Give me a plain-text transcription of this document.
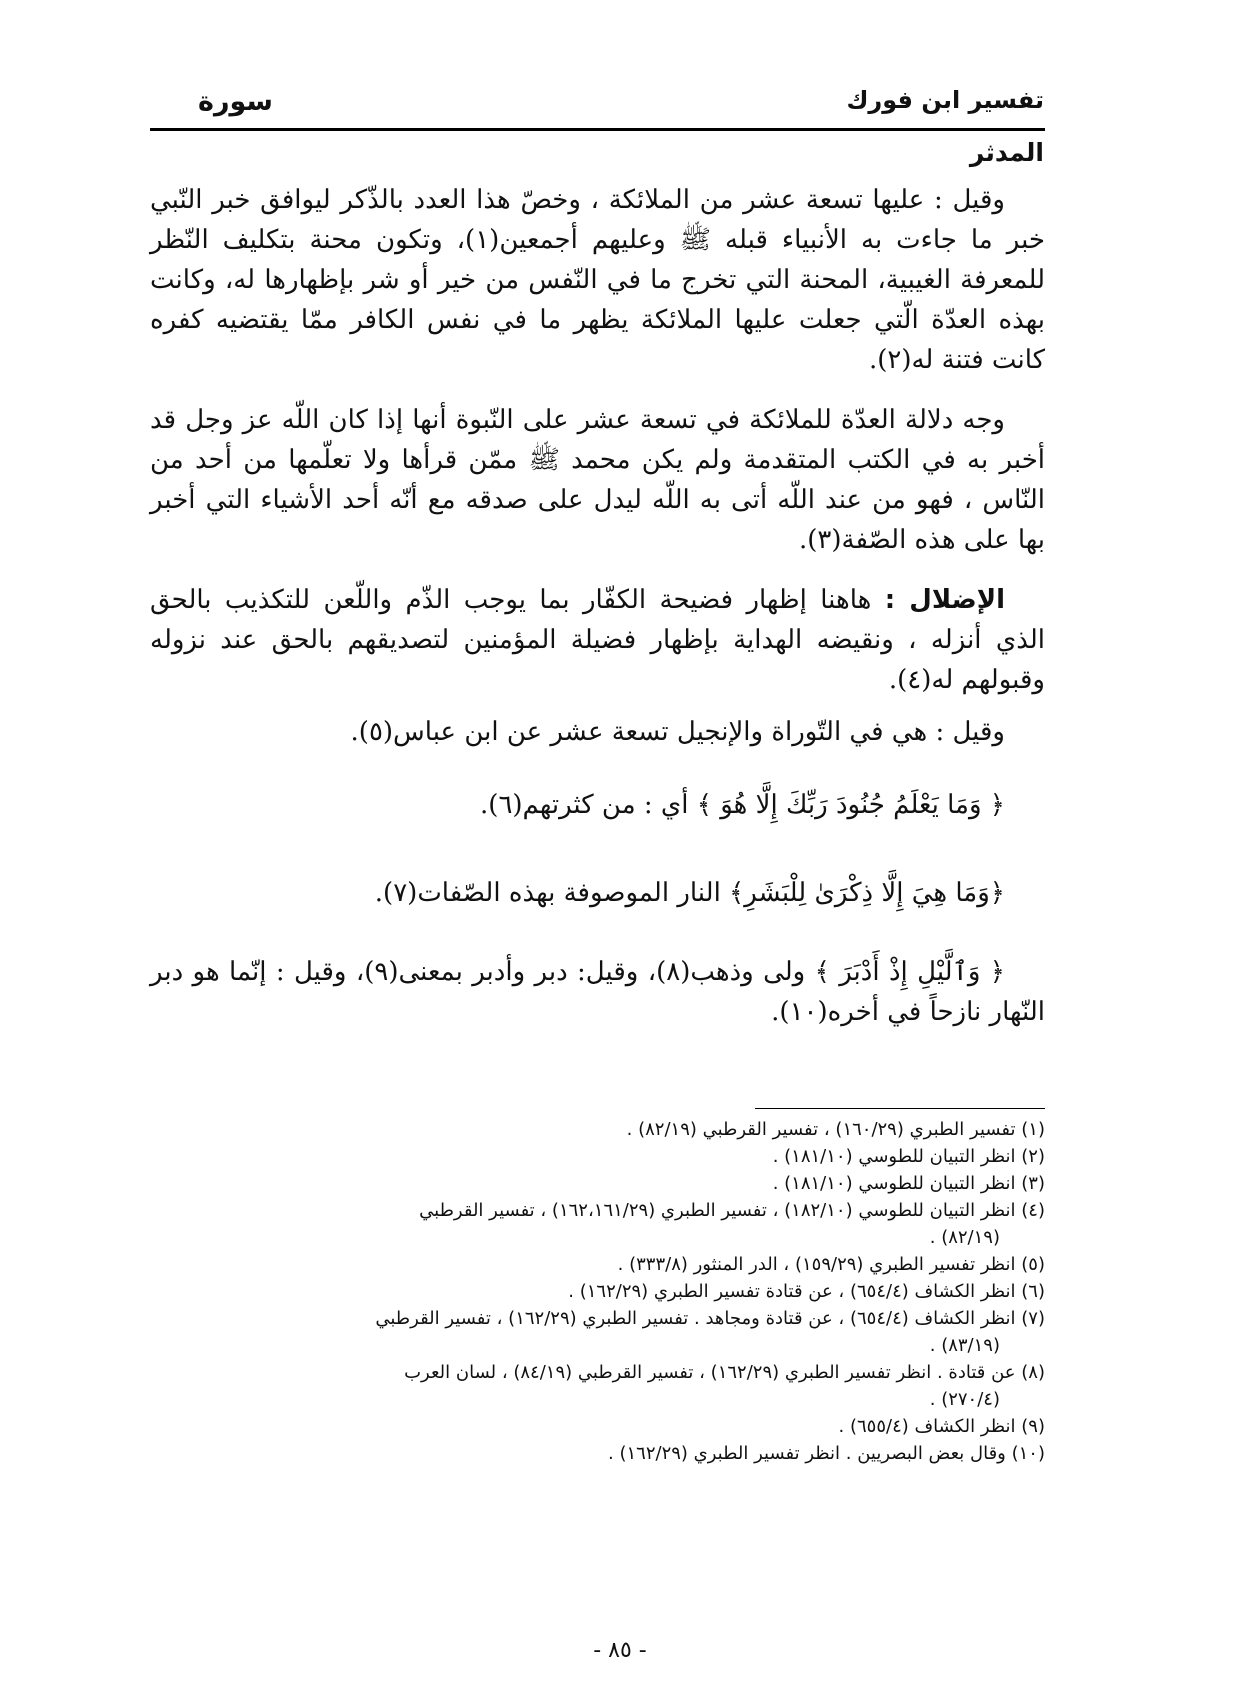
تفسير ابن فورك
سورة
المدثر
وقيل : عليها تسعة عشر من الملائكة ، وخصّ هذا العدد بالذّكر ليوافق خبر النّبي خبر ما جاءت به الأنبياء قبله ﷺ وعليهم أجمعين(١)، وتكون محنة بتكليف النّظر للمعرفة الغيبية، المحنة التي تخرج ما في النّفس من خير أو شر بإظهارها له، وكانت بهذه العدّة الّتي جعلت عليها الملائكة يظهر ما في نفس الكافر ممّا يقتضيه كفره كانت فتنة له(٢).
وجه دلالة العدّة للملائكة في تسعة عشر على النّبوة أنها إذا كان اللّه عز وجل قد أخبر به في الكتب المتقدمة ولم يكن محمد ﷺ ممّن قرأها ولا تعلّمها من أحد من النّاس ، فهو من عند اللّه أتى به اللّه ليدل على صدقه مع أنّه أحد الأشياء التي أخبر بها على هذه الصّفة(٣).
الإضلال : هاهنا إظهار فضيحة الكفّار بما يوجب الذّم واللّعن للتكذيب بالحق الذي أنزله ، ونقيضه الهداية بإظهار فضيلة المؤمنين لتصديقهم بالحق عند نزوله وقبولهم له(٤).
وقيل : هي في التّوراة والإنجيل تسعة عشر عن ابن عباس(٥).
﴿ وَمَا يَعْلَمُ جُنُودَ رَبِّكَ إِلَّا هُوَ ﴾ أي : من كثرتهم(٦).
﴿وَمَا هِيَ إِلَّا ذِكْرَىٰ لِلْبَشَرِ﴾ النار الموصوفة بهذه الصّفات(٧).
﴿ وَٱلَّيْلِ إِذْ أَدْبَرَ ﴾ ولى وذهب(٨)، وقيل: دبر وأدبر بمعنى(٩)، وقيل : إنّما هو دبر النّهار نازحاً في أخره(١٠).
(١) تفسير الطبري (١٦٠/٢٩) ، تفسير القرطبي (٨٢/١٩) .
(٢) انظر التبيان للطوسي (١٨١/١٠) .
(٣) انظر التبيان للطوسي (١٨١/١٠) .
(٤) انظر التبيان للطوسي (١٨٢/١٠) ، تفسير الطبري (١٦٢،١٦١/٢٩) ، تفسير القرطبي
(٨٢/١٩) .
(٥) انظر تفسير الطبري (١٥٩/٢٩) ، الدر المنثور (٣٣٣/٨) .
(٦) انظر الكشاف (٦٥٤/٤) ، عن قتادة تفسير الطبري (١٦٢/٢٩) .
(٧) انظر الكشاف (٦٥٤/٤) ، عن قتادة ومجاهد . تفسير الطبري (١٦٢/٢٩) ، تفسير القرطبي
(٨٣/١٩) .
(٨) عن قتادة . انظر تفسير الطبري (١٦٢/٢٩) ، تفسير القرطبي (٨٤/١٩) ، لسان العرب
(٢٧٠/٤) .
(٩) انظر الكشاف (٦٥٥/٤) .
(١٠) وقال بعض البصريين . انظر تفسير الطبري (١٦٢/٢٩) .
- ٨٥ -
